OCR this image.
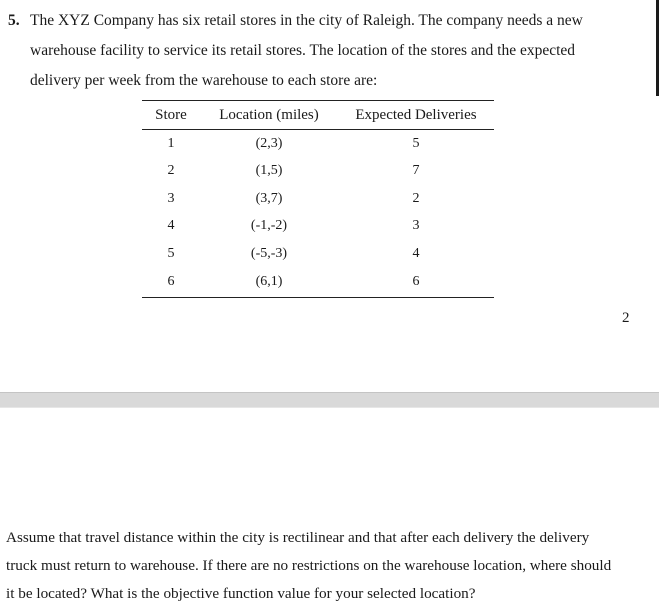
5. The XYZ Company has six retail stores in the city of Raleigh. The company needs a new
warehouse facility to service its retail stores. The location of the stores and the expected
delivery per week from the warehouse to each store are:
Store	Location (miles)	Expected Deliveries
1	(2,3)	5
2	(1,5)	7
3	(3,7)	2
4	(-1,-2)	3
5	(-5,-3)	4
6	(6,1)	6
2
Assume that travel distance within the city is rectilinear and that after each delivery the delivery
truck must return to warehouse. If there are no restrictions on the warehouse location, where should
it be located? What is the objective function value for your selected location?
